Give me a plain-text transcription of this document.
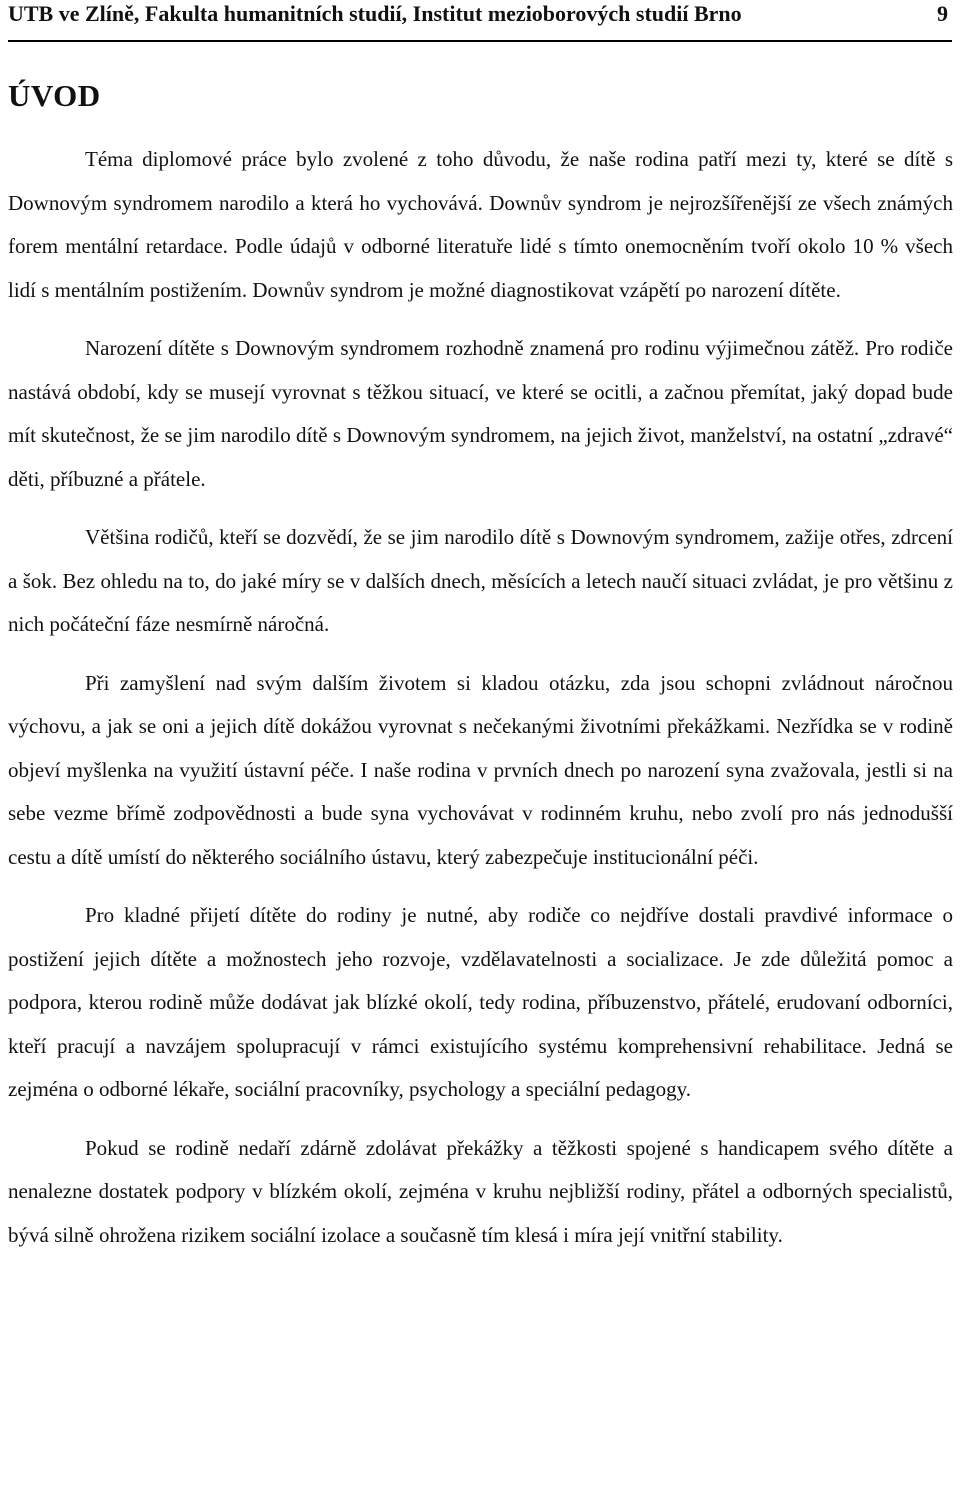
UTB ve Zlíně, Fakulta humanitních studií, Institut mezioborových studií Brno	9
ÚVOD

Téma diplomové práce bylo zvolené z toho důvodu, že naše rodina patří mezi ty, které se dítě s Downovým syndromem narodilo a která ho vychovává. Downův syndrom je nejrozšířenější ze všech známých forem mentální retardace. Podle údajů v odborné literatuře lidé s tímto onemocněním tvoří okolo 10 % všech lidí s mentálním postižením. Downův syndrom je možné diagnostikovat vzápětí po narození dítěte.

Narození dítěte s Downovým syndromem rozhodně znamená pro rodinu výjimečnou zátěž. Pro rodiče nastává období, kdy se musejí vyrovnat s těžkou situací, ve které se ocitli, a začnou přemítat, jaký dopad bude mít skutečnost, že se jim narodilo dítě s Downovým syndromem, na jejich život, manželství, na ostatní „zdravé“ děti, příbuzné a přátele.

Většina rodičů, kteří se dozvědí, že se jim narodilo dítě s Downovým syndromem, zažije otřes, zdrcení a šok. Bez ohledu na to, do jaké míry se v dalších dnech, měsících a letech naučí situaci zvládat, je pro většinu z nich počáteční fáze nesmírně náročná.

Při zamyšlení nad svým dalším životem si kladou otázku, zda jsou schopni zvládnout náročnou výchovu, a jak se oni a jejich dítě dokážou vyrovnat s nečekanými životními překážkami. Nezřídka se v rodině objeví myšlenka na využití ústavní péče. I naše rodina v prvních dnech po narození syna zvažovala, jestli si na sebe vezme břímě zodpovědnosti a bude syna vychovávat v rodinném kruhu, nebo zvolí pro nás jednodušší cestu a dítě umístí do některého sociálního ústavu, který zabezpečuje institucionální péči.

Pro kladné přijetí dítěte do rodiny je nutné, aby rodiče co nejdříve dostali pravdivé informace o postižení jejich dítěte a možnostech jeho rozvoje, vzdělavatelnosti a socializace. Je zde důležitá pomoc a podpora, kterou rodině může dodávat jak blízké okolí, tedy rodina, příbuzenstvo, přátelé, erudovaní odborníci, kteří pracují a navzájem spolupracují v rámci existujícího systému komprehensivní rehabilitace. Jedná se zejména o odborné lékaře, sociální pracovníky, psychology a speciální pedagogy.

Pokud se rodině nedaří zdárně zdolávat překážky a těžkosti spojené s handicapem svého dítěte a nenalezne dostatek podpory v blízkém okolí, zejména v kruhu nejbližší rodiny, přátel a odborných specialistů, bývá silně ohrožena rizikem sociální izolace a současně tím klesá i míra její vnitřní stability.
